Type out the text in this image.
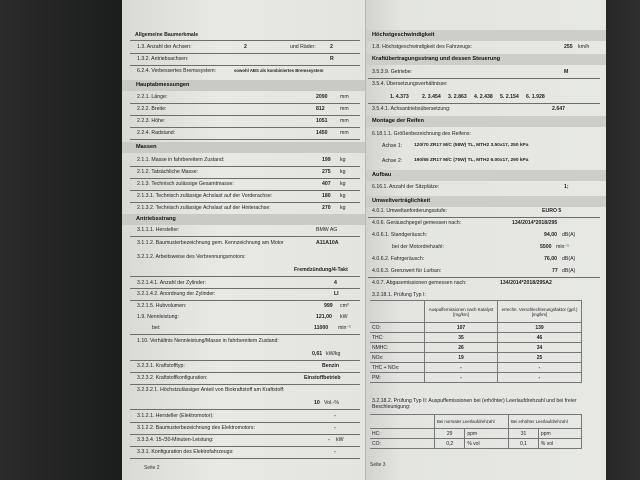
Allgemeine Baumerkmale
1.3. Anzahl der Achsen:	2	und Räder:	2
1.3.2. Antriebsachsen:	R
6.2.4. Verbessertes Bremssystem:	sowohl ABS als kombiniertes Bremssystem
Hauptabmessungen
2.2.1. Länge:	2090 mm
2.2.2. Breite:	812	mm
2.2.3. Höhe:	1051 mm
2.2.4. Radstand:	1450 mm
Massen
2.1.1. Masse in fahrbereitem Zustand:	199 kg
2.1.2. Tatsächliche Masse:	275 kg
2.1.3. Technisch zulässige Gesamtmasse:	407 kg
2.1.3.1. Technisch zulässige Achslast auf der Vorderachse:	180 kg
2.1.3.2. Technisch zulässige Achslast auf der Hinterachse:	270 kg
Antriebsstrang
3.1.1.1. Hersteller:	BMW AG
3.1.1.2. Baumusterbezeichnung gem. Kennzeichnung am Motor	A11A10A
3.2.1.2. Arbeitsweise des Verbrennungsmotors:
Fremdzündung/4-Takt
3.2.1.4.1. Anzahl der Zylinder:	4
3.2.1.4.2. Anordnung der Zylinder:	LI
3.2.1.5. Hubvolumen:	999 cm³
1.9. Nennleistung:	121,00 kW
bei:	11000 min⁻¹
1.10. Verhältnis Nennleistung/Masse in fahrbereitem Zustand:
0,61 kW/kg
3.2.3.1. Kraftstofftyp:	Benzin
3.2.3.2. Kraftstoffkonfiguration:	Einstoffbetrieb
3.2.3.2.1. Höchstzulässiger Anteil von Biokraftstoff am Kraftstoff:
10 Vol.-%
3.1.2.1. Hersteller (Elektromotor):	-
3.1.2.2. Baumusterbezeichnung des Elektromotors:	-
3.3.3.4. 15-/30-Minuten-Leistung:	- kW
3.3.1. Konfiguration des Elektrofahrzeugs:	-
Seite 2
Höchstgeschwindigkeit
1.8. Höchstgeschwindigkeit des Fahrzeugs:	255 km/h
Kraftübertragungsstrang und dessen Steuerung
3.5.3.9. Getriebe:	M
3.5.4. Übersetzungsverhältnisse:
1. 4.373	2. 3.454 3. 2.863 4. 2.438 5. 2.154 6. 1.928
3.5.4.1. Achsantriebsübersetzung:	2.647
Montage der Reifen
6.18.1.1. Größenbezeichnung des Reifens:
Achse 1: 120/70 ZR17 M/C (58W) TL, MTH2 3.50x17, 250 kPa
Achse 2: 190/55 ZR17 M/C (75W) TL, MTH2 6.00x17, 290 kPa
Aufbau
6.16.1. Anzahl der Sitzplätze:	1;
Umweltverträglichkeit
4.0.1. Umweltanforderungsstufe:	EURO 5
4.0.6. Geräuschpegel gemessen nach:	134/2014*2018/295
4.0.6.1. Standgeräusch:	94,00 dB(A)
bei der Motordrehzahl:	5500 min⁻¹
4.0.6.2. Fahrgeräusch:	76,00 dB(A)
4.0.6.3. Grenzwert für Lurban:	77 dB(A)
4.0.7. Abgasemissionen gemessen nach:	134/2014*2018/295A2
3.2.18.1. Prüfung Typ I:
	Auspuffemissionen nach Katalyst [mg/km]	errechn. Verschlechterungsfaktor (gpf.) [mg/km]
CO:	107	139
THC:	35	46
NMHC:	26	34
NOx:	19	25
THC + NOx:	-	-
PM:	-	-
3.2.18.2. Prüfung Typ II: Auspuffemissionen bei (erhöhter) Leerlaufdrehzahl und bei freier Beschleunigung:
	Bei normaler Leerlaufdrehzahl		Bei erhöhter Leerlaufdrehzahl	
HC:	29	ppm	31	ppm
CO:	0,2	% vol	0,1	% vol
Seite 3
